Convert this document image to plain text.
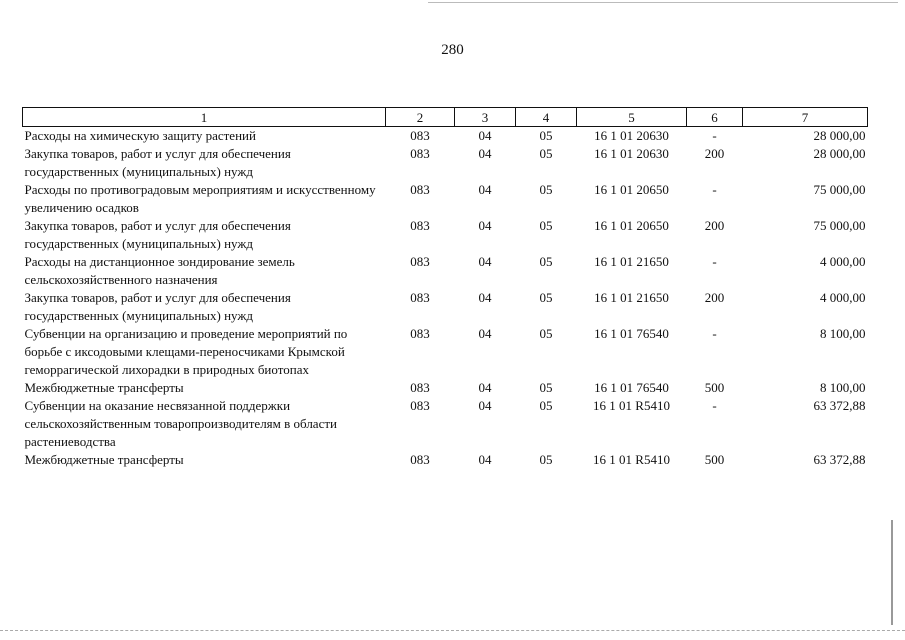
280
1	2	3	4	5	6	7
Расходы на химическую защиту растений	083	04	05	16 1 01 20630	-	28 000,00
Закупка товаров, работ и услуг для обеспечения государственных (муниципальных) нужд	083	04	05	16 1 01 20630	200	28 000,00
Расходы по противоградовым мероприятиям и искусственному увеличению осадков	083	04	05	16 1 01 20650	-	75 000,00
Закупка товаров, работ и услуг для обеспечения государственных (муниципальных) нужд	083	04	05	16 1 01 20650	200	75 000,00
Расходы на дистанционное зондирование земель сельскохозяйственного назначения	083	04	05	16 1 01 21650	-	4 000,00
Закупка товаров, работ и услуг для обеспечения государственных (муниципальных) нужд	083	04	05	16 1 01 21650	200	4 000,00
Субвенции на организацию и проведение мероприятий по борьбе с иксодовыми клещами-переносчиками Крымской геморрагической лихорадки в природных биотопах	083	04	05	16 1 01 76540	-	8 100,00
Межбюджетные трансферты	083	04	05	16 1 01 76540	500	8 100,00
Субвенции на оказание несвязанной поддержки сельскохозяйственным товаропроизводителям в области растениеводства	083	04	05	16 1 01 R5410	-	63 372,88
Межбюджетные трансферты	083	04	05	16 1 01 R5410	500	63 372,88
